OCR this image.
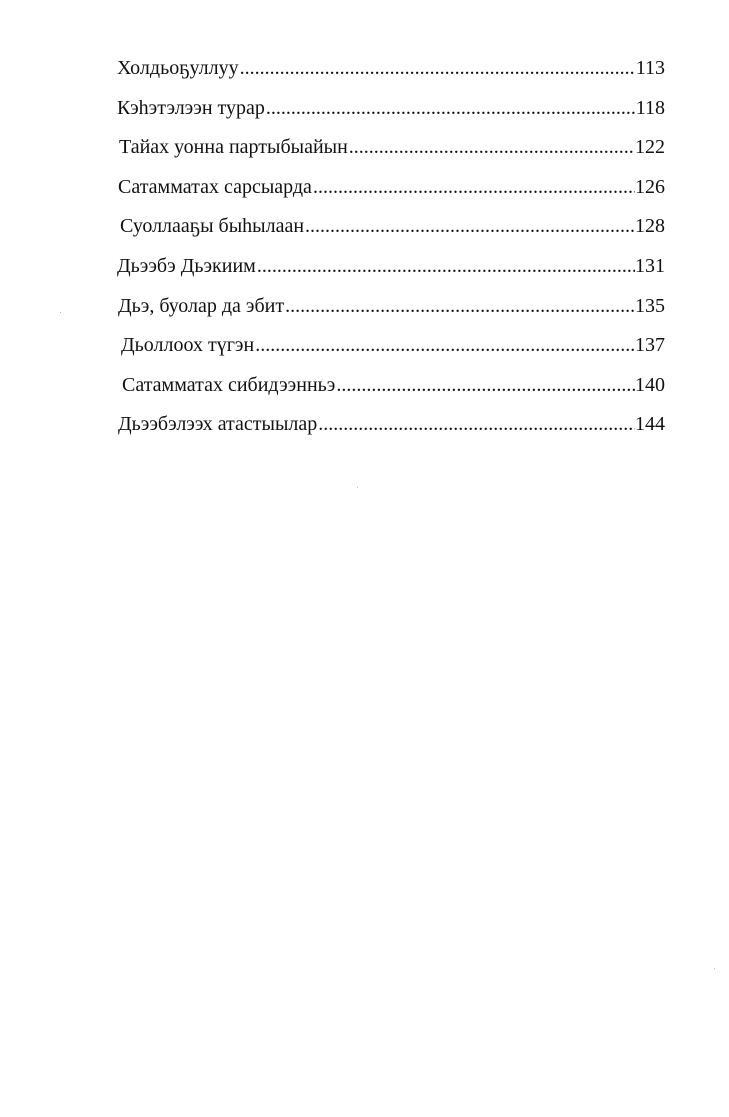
Холдьоҕуллуу .....	113
Кэһэтэлээн турар .....	118
Тайах уонна партыбыайын .....	122
Сатамматах сарсыарда .....	126
Суоллааҕы быһылаан .....	128
Дьээбэ Дьэкиим .....	131
Дьэ, буолар да эбит .....	135
Дьоллоох түгэн .....	137
Сатамматах сибидээнньэ .....	140
Дьээбэлээх атастыылар .....	144
